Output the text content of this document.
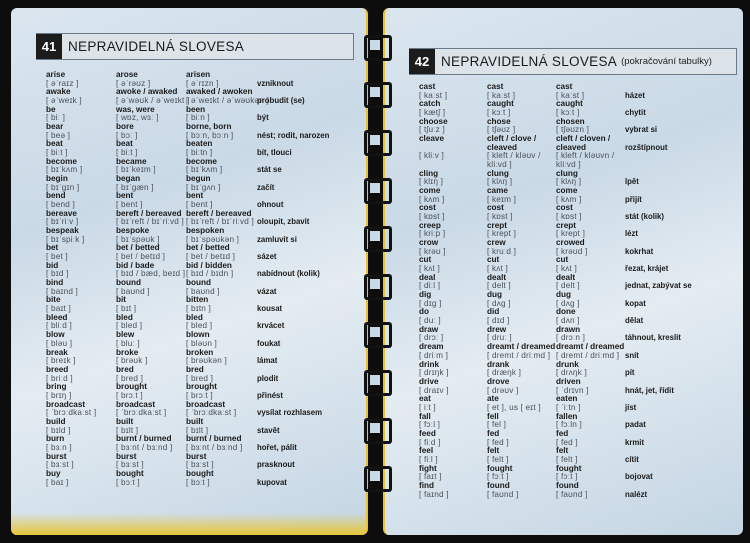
41 NEPRAVIDELNÁ SLOVESA
arise
[ əˈraɪz ]
awake
[ əˈweɪk ]
be
[ biː ]
bear
[ beə ]
beat
[ biːt ]
become
[ bɪˈkʌm ]
begin
[ bɪˈgɪn ]
bend
[ bend ]
bereave
[ bɪˈriːv ]
bespeak
[ bɪˈspiːk ]
bet
[ bet ]
bid
[ bɪd ]
bind
[ baɪnd ]
bite
[ baɪt ]
bleed
[ bliːd ]
blow
[ bləʊ ]
break
[ breɪk ]
breed
[ briːd ]
bring
[ brɪŋ ]
broadcast
[ ˈbrɔːdkaːst ]
build
[ bɪld ]
burn
[ bɜːn ]
burst
[ bɜːst ]
buy
[ baɪ ]
arose
[ əˈrəʊz ]
awoke / awaked
[ əˈwəʊk / əˈweɪkt ]
was, were
[ wɒz, wɜː ]
bore
[ bɔː ]
beat
[ biːt ]
became
[ bɪˈkeɪm ]
began
[ bɪˈgæn ]
bent
[ bent ]
bereft / bereaved
[ bɪˈreft / bɪˈriːvd ]
bespoke
[ bɪˈspəʊk ]
bet / betted
[ bet / betɪd ]
bid / bade
[ bɪd / bæd, beɪd ]
bound
[ baʊnd ]
bit
[ bɪt ]
bled
[ bled ]
blew
[ bluː ]
broke
[ brəʊk ]
bred
[ bred ]
brought
[ brɔːt ]
broadcast
[ ˈbrɔːdkaːst ]
built
[ bɪlt ]
burnt / burned
[ bɜːnt / bɜːnd ]
burst
[ bɜːst ]
bought
[ bɔːt ]
arisen
[ əˈrɪzn ]
awaked / awoken
[ əˈweɪkt / əˈwəʊkən ]
been
[ biːn ]
borne, born
[ bɔːn, bɔːn ]
beaten
[ biːtn ]
become
[ bɪˈkʌm ]
begun
[ bɪˈgʌn ]
bent
[ bent ]
bereft / bereaved
[ bɪˈreft / bɪˈriːvd ]
bespoken
[ bɪˈspəʊkən ]
bet / betted
[ bet / betɪd ]
bid / bidden
[ bɪd / bɪdn ]
bound
[ baʊnd ]
bitten
[ bɪtn ]
bled
[ bled ]
blown
[ bləʊn ]
broken
[ brəʊkən ]
bred
[ bred ]
brought
[ brɔːt ]
broadcast
[ ˈbrɔːdkaːst ]
built
[ bɪlt ]
burnt / burned
[ bɜːnt / bɜːnd ]
burst
[ bɜːst ]
bought
[ bɔːt ]
vzniknout
probudit (se)
být
nést; rodit, narozen
bít, tlouci
stát se
začít
ohnout
oloupit, zbavit
zamluvit si
sázet
nabídnout (kolik)
vázat
kousat
krvácet
foukat
lámat
plodit
přinést
vysílat rozhlasem
stavět
hořet, pálit
prasknout
kupovat
42 NEPRAVIDELNÁ SLOVESA (pokračování tabulky)
cast
[ kaːst ]
catch
[ kætʃ ]
choose
[ tʃuːz ]
cleave
[ kliːv ]
cling
[ klɪŋ ]
come
[ kʌm ]
cost
[ kɒst ]
creep
[ kriːp ]
crow
[ krəʊ ]
cut
[ kʌt ]
deal
[ diːl ]
dig
[ dɪg ]
do
[ duː ]
draw
[ drɔː ]
dream
[ driːm ]
drink
[ drɪŋk ]
drive
[ draɪv ]
eat
[ iːt ]
fall
[ fɔːl ]
feed
[ fiːd ]
feel
[ fiːl ]
fight
[ faɪt ]
find
[ faɪnd ]
cast
[ kaːst ]
caught
[ kɔːt ]
chose
[ tʃəʊz ]
cleft / clove /
cleaved
[ kleft / kləʊv /
kliːvd ]
clung
[ klʌŋ ]
came
[ keɪm ]
cost
[ kɒst ]
crept
[ krept ]
crew
[ kruːd ]
cut
[ kʌt ]
dealt
[ delt ]
dug
[ dʌg ]
did
[ dɪd ]
drew
[ druː ]
dreamt / dreamed
[ dremt / driːmd ]
drank
[ dræŋk ]
drove
[ drəʊv ]
ate
[ et ], us [ eɪt ]
fell
[ fel ]
fed
[ fed ]
felt
[ felt ]
fought
[ fɔːt ]
found
[ faʊnd ]
cast
[ kaːst ]
caught
[ kɔːt ]
chosen
[ tʃəʊzn ]
cleft / cloven /
cleaved
[ kleft / kləʊvn /
kliːvd ]
clung
[ klʌŋ ]
come
[ kʌm ]
cost
[ kɒst ]
crept
[ krept ]
crowed
[ krəʊd ]
cut
[ kʌt ]
dealt
[ delt ]
dug
[ dʌg ]
done
[ dʌn ]
drawn
[ drɔːn ]
dreamt / dreamed
[ dremt / driːmd ]
drunk
[ drʌŋk ]
driven
[ ˈdrɪvn ]
eaten
[ ˈiːtn ]
fallen
[ fɔːln ]
fed
[ fed ]
felt
[ felt ]
fought
[ fɔːt ]
found
[ faʊnd ]
házet
chytit
vybrat si
rozštípnout
lpět
přijít
stát (kolik)
lézt
kokrhat
řezat, krájet
jednat, zabývat se
kopat
dělat
táhnout, kreslit
snít
pít
hnát, jet, řídit
jíst
padat
krmit
cítit
bojovat
nalézt
